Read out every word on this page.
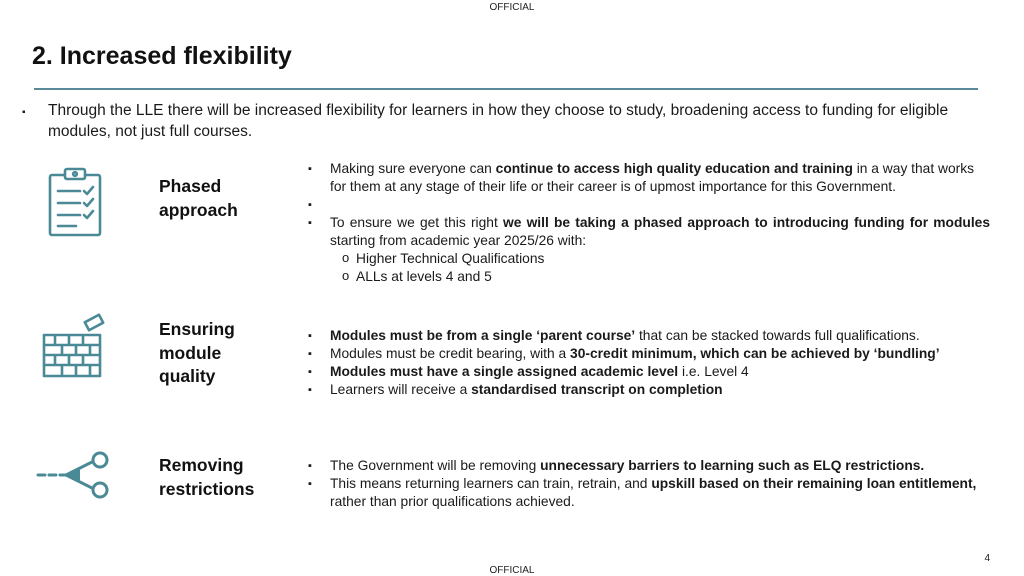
OFFICIAL
2. Increased flexibility
▪ Through the LLE there will be increased flexibility for learners in how they choose to study, broadening access to funding for eligible modules, not just full courses.
Phased
approach
▪ Making sure everyone can continue to access high quality education and training in a way that works for them at any stage of their life or their career is of upmost importance for this Government.
▪
▪ To ensure we get this right we will be taking a phased approach to introducing funding for modules starting from academic year 2025/26 with:
o Higher Technical Qualifications
o ALLs at levels 4 and 5
Ensuring
module
quality
▪ Modules must be from a single ‘parent course’ that can be stacked towards full qualifications.
▪ Modules must be credit bearing, with a 30-credit minimum, which can be achieved by ‘bundling’
▪ Modules must have a single assigned academic level i.e. Level 4
▪ Learners will receive a standardised transcript on completion
Removing
restrictions
▪ The Government will be removing unnecessary barriers to learning such as ELQ restrictions.
▪ This means returning learners can train, retrain, and upskill based on their remaining loan entitlement, rather than prior qualifications achieved.
4
OFFICIAL
